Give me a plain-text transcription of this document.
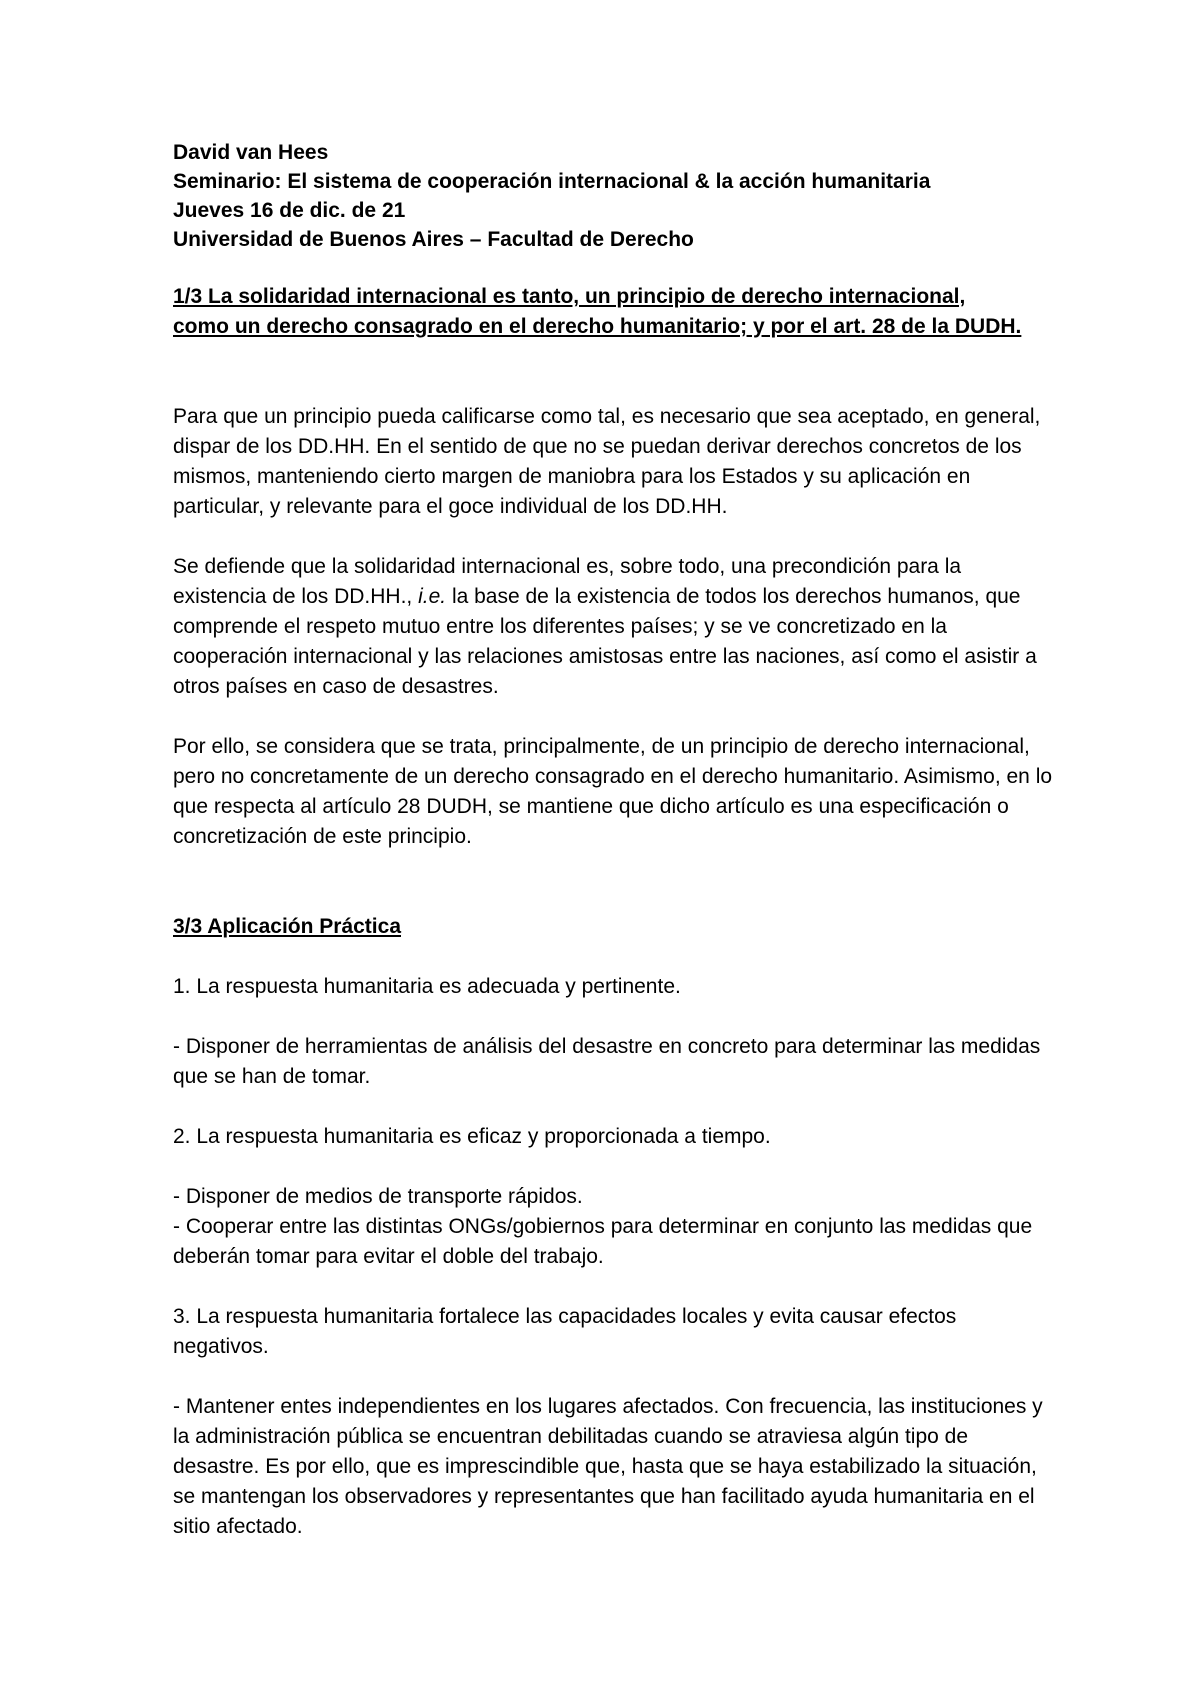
David van Hees

Seminario: El sistema de cooperación internacional & la acción humanitaria

Jueves 16 de dic. de 21

Universidad de Buenos Aires – Facultad de Derecho

1/3 La solidaridad internacional es tanto, un principio de derecho internacional,

como un derecho consagrado en el derecho humanitario; y por el art. 28 de la DUDH.

Para que un principio pueda calificarse como tal, es necesario que sea aceptado, en general, dispar de los DD.HH. En el sentido de que no se puedan derivar derechos concretos de los mismos, manteniendo cierto margen de maniobra para los Estados y su aplicación en particular, y relevante para el goce individual de los DD.HH.

Se defiende que la solidaridad internacional es, sobre todo, una precondición para la existencia de los DD.HH., i.e. la base de la existencia de todos los derechos humanos, que comprende el respeto mutuo entre los diferentes países; y se ve concretizado en la cooperación internacional y las relaciones amistosas entre las naciones, así como el asistir a otros países en caso de desastres.

Por ello, se considera que se trata, principalmente, de un principio de derecho internacional, pero no concretamente de un derecho consagrado en el derecho humanitario. Asimismo, en lo que respecta al artículo 28 DUDH, se mantiene que dicho artículo es una especificación o concretización de este principio.

3/3 Aplicación Práctica

1. La respuesta humanitaria es adecuada y pertinente.

- Disponer de herramientas de análisis del desastre en concreto para determinar las medidas que se han de tomar.

2. La respuesta humanitaria es eficaz y proporcionada a tiempo.

- Disponer de medios de transporte rápidos.

- Cooperar entre las distintas ONGs/gobiernos para determinar en conjunto las medidas que deberán tomar para evitar el doble del trabajo.

3. La respuesta humanitaria fortalece las capacidades locales y evita causar efectos negativos.

- Mantener entes independientes en los lugares afectados. Con frecuencia, las instituciones y la administración pública se encuentran debilitadas cuando se atraviesa algún tipo de desastre. Es por ello, que es imprescindible que, hasta que se haya estabilizado la situación, se mantengan los observadores y representantes que han facilitado ayuda humanitaria en el sitio afectado.
